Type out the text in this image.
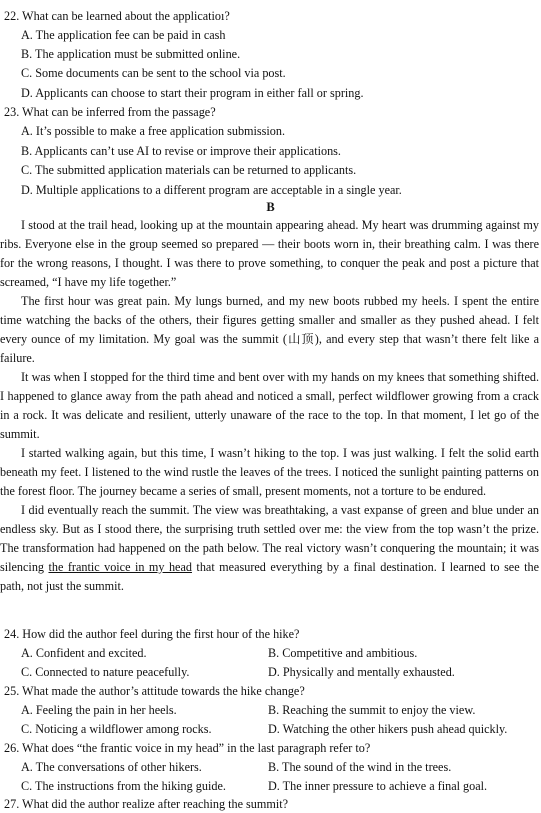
22. What can be learned about the applicatioı?
A. The application fee can be paid in cash
B. The application must be submitted online.
C. Some documents can be sent to the school via post.
D. Applicants can choose to start their program in either fall or spring.
23. What can be inferred from the passage?
A. It’s possible to make a free application submission.
B. Applicants can’t use AI to revise or improve their applications.
C. The submitted application materials can be returned to applicants.
D. Multiple applications to a different program are acceptable in a single year.
B

I stood at the trail head, looking up at the mountain appearing ahead. My heart was drumming against my ribs. Everyone else in the group seemed so prepared — their boots worn in, their breathing calm. I was there for the wrong reasons, I thought. I was there to prove something, to conquer the peak and post a picture that screamed, “I have my life together.”

The first hour was great pain. My lungs burned, and my new boots rubbed my heels. I spent the entire time watching the backs of the others, their figures getting smaller and smaller as they pushed ahead. I felt every ounce of my limitation. My goal was the summit (山顶), and every step that wasn’t there felt like a failure.

It was when I stopped for the third time and bent over with my hands on my knees that something shifted. I happened to glance away from the path ahead and noticed a small, perfect wildflower growing from a crack in a rock. It was delicate and resilient, utterly unaware of the race to the top. In that moment, I let go of the summit.

I started walking again, but this time, I wasn’t hiking to the top. I was just walking. I felt the solid earth beneath my feet. I listened to the wind rustle the leaves of the trees. I noticed the sunlight painting patterns on the forest floor. The journey became a series of small, present moments, not a torture to be endured.

I did eventually reach the summit. The view was breathtaking, a vast expanse of green and blue under an endless sky. But as I stood there, the surprising truth settled over me: the view from the top wasn’t the prize. The transformation had happened on the path below. The real victory wasn’t conquering the mountain; it was silencing the frantic voice in my head that measured everything by a final destination. I learned to see the path, not just the summit.

24. How did the author feel during the first hour of the hike?
A. Confident and excited.	B. Competitive and ambitious.
C. Connected to nature peacefully.	D. Physically and mentally exhausted.
25. What made the author’s attitude towards the hike change?
A. Feeling the pain in her heels.	B. Reaching the summit to enjoy the view.
C. Noticing a wildflower among rocks.	D. Watching the other hikers push ahead quickly.
26. What does “the frantic voice in my head” in the last paragraph refer to?
A. The conversations of other hikers.	B. The sound of the wind in the trees.
C. The instructions from the hiking guide.	D. The inner pressure to achieve a final goal.
27. What did the author realize after reaching the summit?
